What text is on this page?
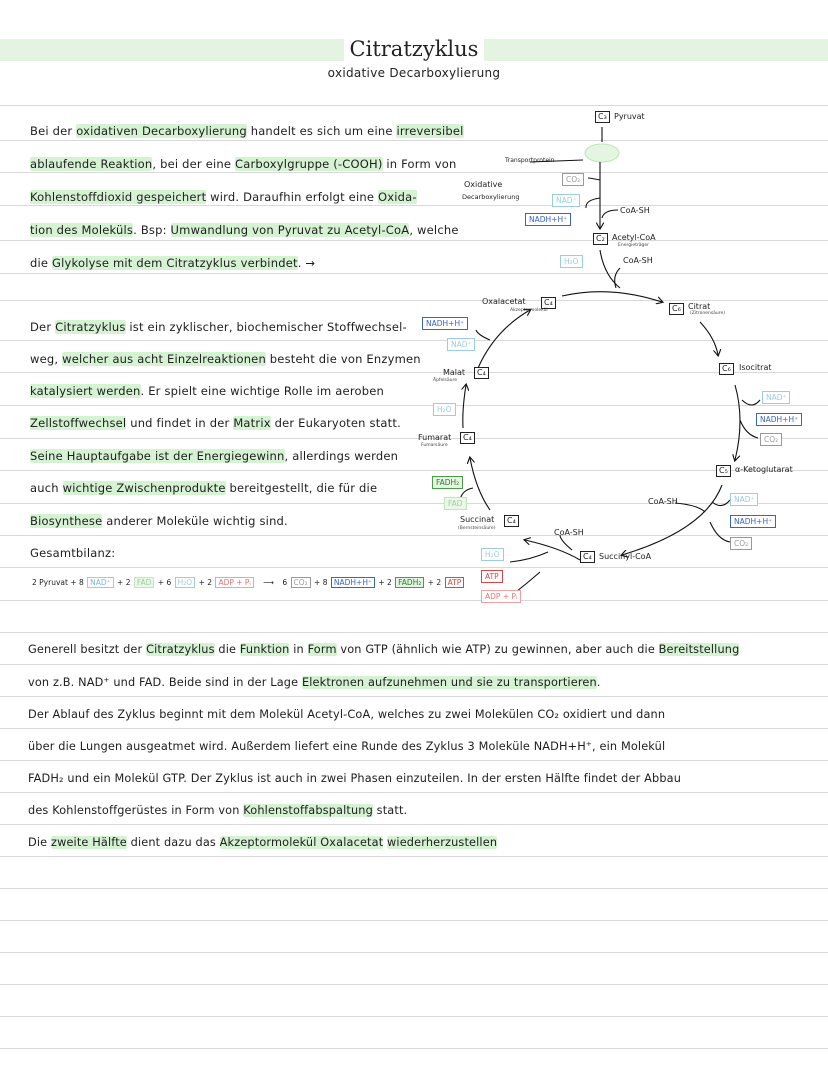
Citratzyklus
oxidative Decarboxylierung
Bei der oxidativen Decarboxylierung handelt es sich um eine irreversibel
ablaufende Reaktion, bei der eine Carboxylgruppe (-COOH) in Form von
Kohlenstoffdioxid gespeichert wird. Daraufhin erfolgt eine Oxida-
tion des Moleküls. Bsp: Umwandlung von Pyruvat zu Acetyl-CoA, welche
die Glykolyse mit dem Citratzyklus verbindet. →
Der Citratzyklus ist ein zyklischer, biochemischer Stoffwechsel-
weg, welcher aus acht Einzelreaktionen besteht die von Enzymen
katalysiert werden. Er spielt eine wichtige Rolle im aeroben
Zellstoffwechsel und findet in der Matrix der Eukaryoten statt.
Seine Hauptaufgabe ist der Energiegewinn, allerdings werden
auch wichtige Zwischenprodukte bereitgestellt, die für die
Biosynthese anderer Moleküle wichtig sind.
Gesamtbilanz:
2 Pyruvat + 8 NAD⁺ + 2 FAD + 6 H₂O + 2 ADP + Pᵢ ⟶ 6 CO₂ + 8 NADH+H⁺ + 2 FADH₂ + 2 ATP
C₃ Pyruvat
Transportprotein
CO₂
Oxidative
Decarboxylierung	NAD⁺
NADH+H⁺
CoA-SH
C₂ Acetyl-CoA
Energieträger
H₂O	CoA-SH
Oxalacetat	C₄
Akzeptormolekül	C₆ Citrat
(Zitronensäure)
C₆	Isocitrat
NAD⁺
NADH+H⁺
CO₂
C₅ α-Ketoglutarat
CoA-SH	NAD⁺
NADH+H⁺
CO₂
C₄ Succinyl-CoA
CoA-SH
H₂O
ATP
ADP + Pᵢ
Succinat	C₄
(Bernsteinsäure)
FADH₂
FAD
Fumarat	C₄
Fumarsäure
H₂O
Malat	C₄
Äpfelsäure
NAD⁺
NADH+H⁺
Generell besitzt der Citratzyklus die Funktion in Form von GTP (ähnlich wie ATP) zu gewinnen, aber auch die Bereitstellung
von z.B. NAD⁺ und FAD. Beide sind in der Lage Elektronen aufzunehmen und sie zu transportieren.
Der Ablauf des Zyklus beginnt mit dem Molekül Acetyl-CoA, welches zu zwei Molekülen CO₂ oxidiert und dann
über die Lungen ausgeatmet wird. Außerdem liefert eine Runde des Zyklus 3 Moleküle NADH+H⁺, ein Molekül
FADH₂ und ein Molekül GTP. Der Zyklus ist auch in zwei Phasen einzuteilen. In der ersten Hälfte findet der Abbau
des Kohlenstoffgerüstes in Form von Kohlenstoffabspaltung statt.
Die zweite Hälfte dient dazu das Akzeptormolekül Oxalacetat wiederherzustellen
